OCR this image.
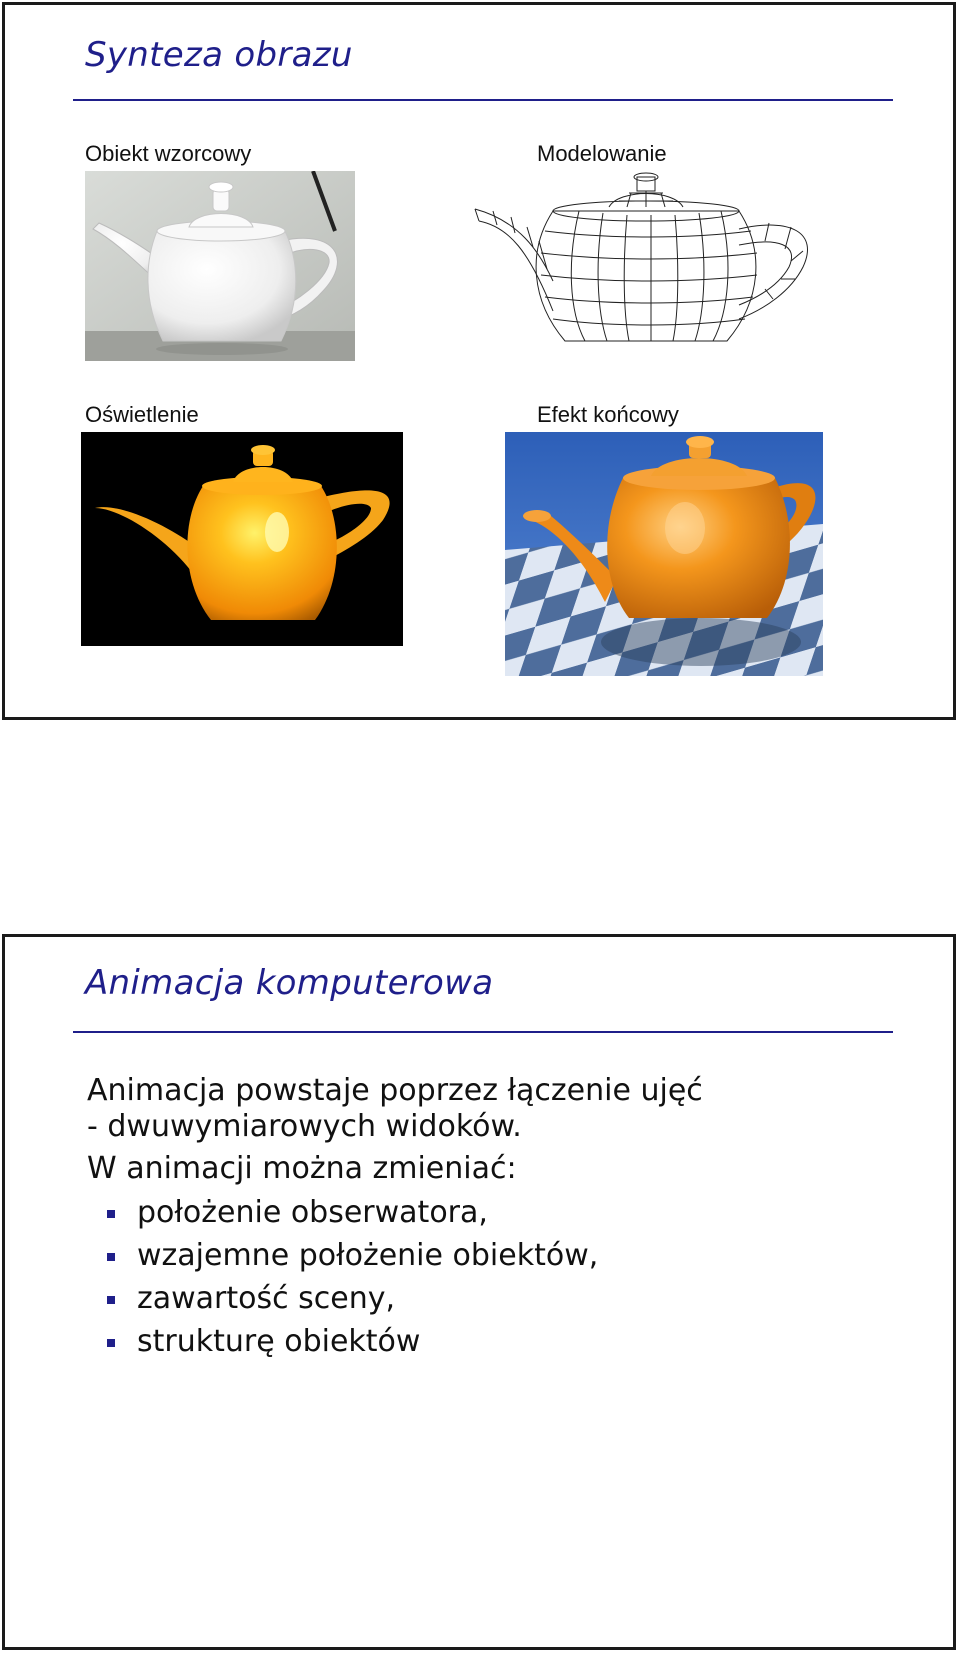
Synteza obrazu
Obiekt wzorcowy	Modelowanie
Oświetlenie	Efekt końcowy
Animacja komputerowa
Animacja powstaje poprzez łączenie ujęć
- dwuwymiarowych widoków.
W animacji można zmieniać:
położenie obserwatora,
wzajemne położenie obiektów,
zawartość sceny,
strukturę obiektów
